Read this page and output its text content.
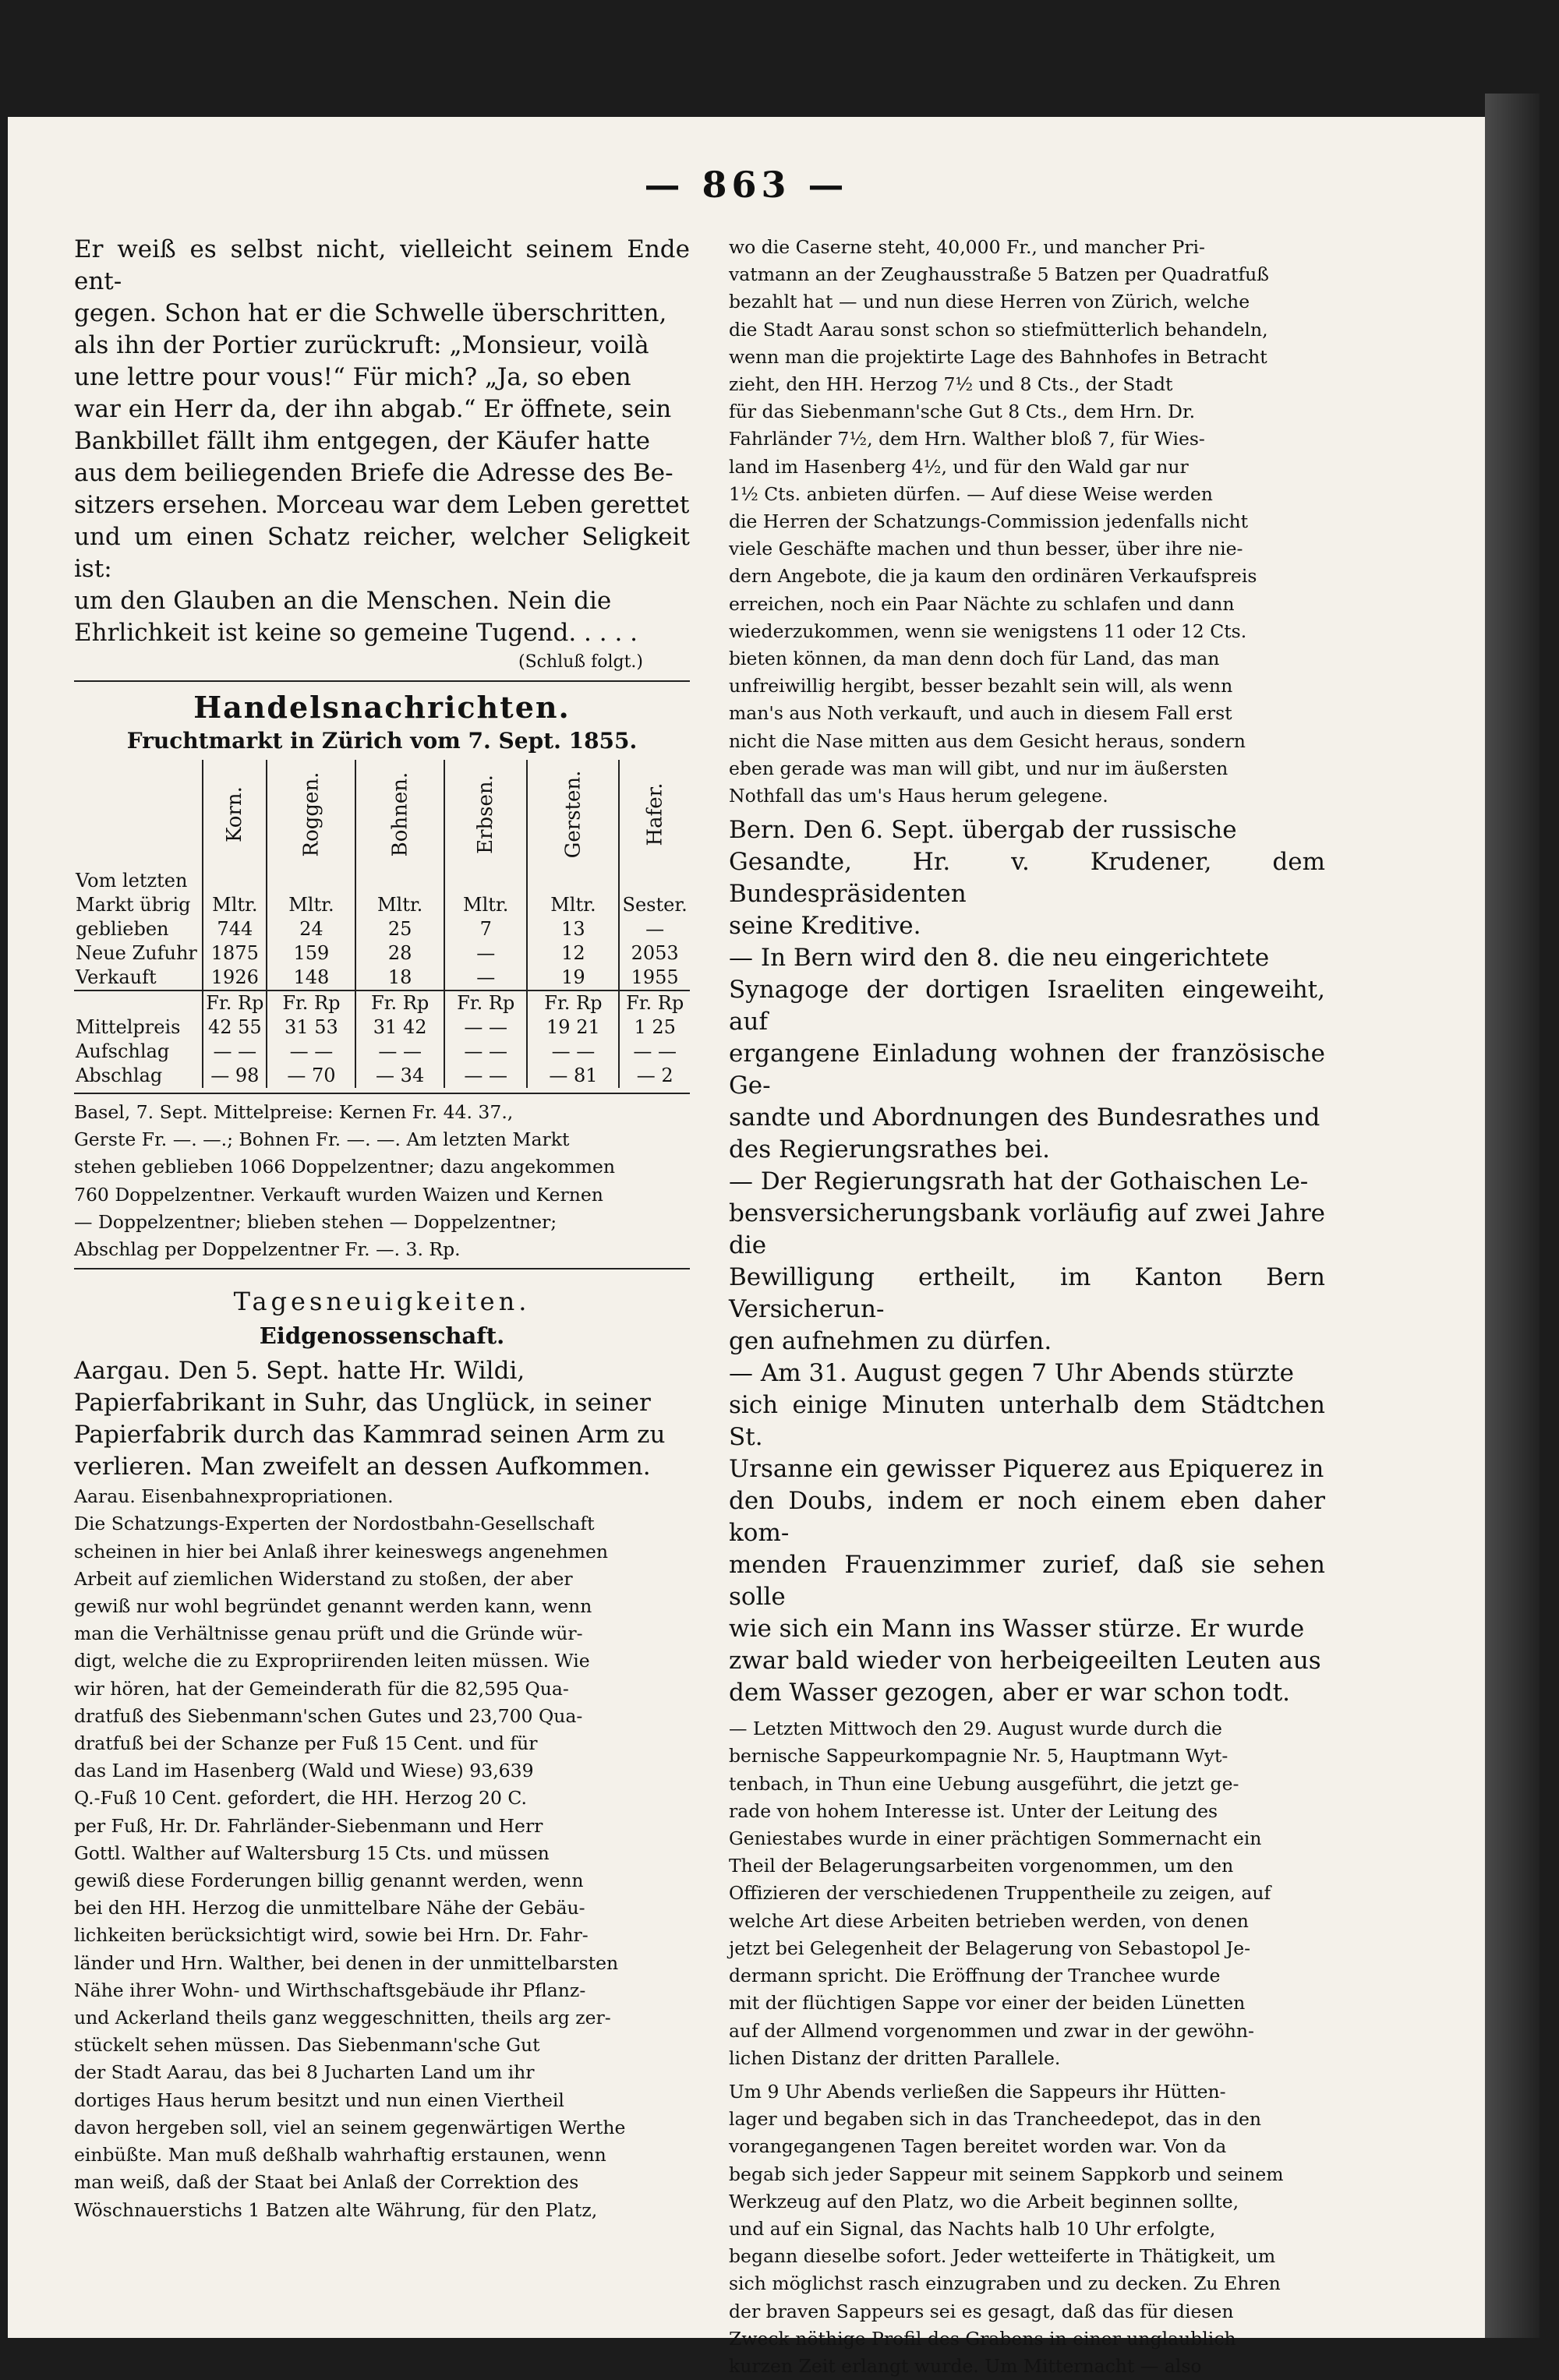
— 863 —

Er weiß es selbst nicht, vielleicht seinem Ende ent-

gegen. Schon hat er die Schwelle überschritten,

als ihn der Portier zurückruft: „Monsieur, voilà

une lettre pour vous!“ Für mich? „Ja, so eben

war ein Herr da, der ihn abgab.“ Er öffnete, sein

Bankbillet fällt ihm entgegen, der Käufer hatte

aus dem beiliegenden Briefe die Adresse des Be-

sitzers ersehen. Morceau war dem Leben gerettet

und um einen Schatz reicher, welcher Seligkeit ist:

um den Glauben an die Menschen. Nein die

Ehrlichkeit ist keine so gemeine Tugend. . . . .

(Schluß folgt.)

Handelsnachrichten.
Fruchtmarkt in Zürich vom 7. Sept. 1855.
	Korn.	Roggen.	Bohnen.	Erbsen.	Gersten.	Hafer.
Vom letzten						
Markt übrig	Mltr.	Mltr.	Mltr.	Mltr.	Mltr.	Sester.
geblieben	744	24	25	7	13	—
Neue Zufuhr	1875	159	28	—	12	2053
Verkauft	1926	148	18	—	19	1955
	Fr. Rp	Fr. Rp	Fr. Rp	Fr. Rp	Fr. Rp	Fr. Rp
Mittelpreis	42 55	31 53	31 42	— —	19 21	1 25
Aufschlag	— —	— —	— —	— —	— —	— —
Abschlag	— 98	— 70	— 34	— —	— 81	— 2

Basel, 7. Sept. Mittelpreise: Kernen Fr. 44. 37.,

Gerste Fr. —. —.; Bohnen Fr. —. —. Am letzten Markt

stehen geblieben 1066 Doppelzentner; dazu angekommen

760 Doppelzentner. Verkauft wurden Waizen und Kernen

— Doppelzentner; blieben stehen — Doppelzentner;

Abschlag per Doppelzentner Fr. —. 3. Rp.

Tagesneuigkeiten.
Eidgenossenschaft.

Aargau. Den 5. Sept. hatte Hr. Wildi,

Papierfabrikant in Suhr, das Unglück, in seiner

Papierfabrik durch das Kammrad seinen Arm zu

verlieren. Man zweifelt an dessen Aufkommen.

Aarau. Eisenbahnexpropriationen.

Die Schatzungs-Experten der Nordostbahn-Gesellschaft

scheinen in hier bei Anlaß ihrer keineswegs angenehmen

Arbeit auf ziemlichen Widerstand zu stoßen, der aber

gewiß nur wohl begründet genannt werden kann, wenn

man die Verhältnisse genau prüft und die Gründe wür-

digt, welche die zu Expropriirenden leiten müssen. Wie

wir hören, hat der Gemeinderath für die 82,595 Qua-

dratfuß des Siebenmann'schen Gutes und 23,700 Qua-

dratfuß bei der Schanze per Fuß 15 Cent. und für

das Land im Hasenberg (Wald und Wiese) 93,639

Q.-Fuß 10 Cent. gefordert, die HH. Herzog 20 C.

per Fuß, Hr. Dr. Fahrländer-Siebenmann und Herr

Gottl. Walther auf Waltersburg 15 Cts. und müssen

gewiß diese Forderungen billig genannt werden, wenn

bei den HH. Herzog die unmittelbare Nähe der Gebäu-

lichkeiten berücksichtigt wird, sowie bei Hrn. Dr. Fahr-

länder und Hrn. Walther, bei denen in der unmittelbarsten

Nähe ihrer Wohn- und Wirthschaftsgebäude ihr Pflanz-

und Ackerland theils ganz weggeschnitten, theils arg zer-

stückelt sehen müssen. Das Siebenmann'sche Gut

der Stadt Aarau, das bei 8 Jucharten Land um ihr

dortiges Haus herum besitzt und nun einen Viertheil

davon hergeben soll, viel an seinem gegenwärtigen Werthe

einbüßte. Man muß deßhalb wahrhaftig erstaunen, wenn

man weiß, daß der Staat bei Anlaß der Correktion des

Wöschnauerstichs 1 Batzen alte Währung, für den Platz,

wo die Caserne steht, 40,000 Fr., und mancher Pri-

vatmann an der Zeughausstraße 5 Batzen per Quadratfuß

bezahlt hat — und nun diese Herren von Zürich, welche

die Stadt Aarau sonst schon so stiefmütterlich behandeln,

wenn man die projektirte Lage des Bahnhofes in Betracht

zieht, den HH. Herzog 7½ und 8 Cts., der Stadt

für das Siebenmann'sche Gut 8 Cts., dem Hrn. Dr.

Fahrländer 7½, dem Hrn. Walther bloß 7, für Wies-

land im Hasenberg 4½, und für den Wald gar nur

1½ Cts. anbieten dürfen. — Auf diese Weise werden

die Herren der Schatzungs-Commission jedenfalls nicht

viele Geschäfte machen und thun besser, über ihre nie-

dern Angebote, die ja kaum den ordinären Verkaufspreis

erreichen, noch ein Paar Nächte zu schlafen und dann

wiederzukommen, wenn sie wenigstens 11 oder 12 Cts.

bieten können, da man denn doch für Land, das man

unfreiwillig hergibt, besser bezahlt sein will, als wenn

man's aus Noth verkauft, und auch in diesem Fall erst

nicht die Nase mitten aus dem Gesicht heraus, sondern

eben gerade was man will gibt, und nur im äußersten

Nothfall das um's Haus herum gelegene.

Bern. Den 6. Sept. übergab der russische

Gesandte, Hr. v. Krudener, dem Bundespräsidenten

seine Kreditive.

— In Bern wird den 8. die neu eingerichtete

Synagoge der dortigen Israeliten eingeweiht, auf

ergangene Einladung wohnen der französische Ge-

sandte und Abordnungen des Bundesrathes und

des Regierungsrathes bei.

— Der Regierungsrath hat der Gothaischen Le-

bensversicherungsbank vorläufig auf zwei Jahre die

Bewilligung ertheilt, im Kanton Bern Versicherun-

gen aufnehmen zu dürfen.

— Am 31. August gegen 7 Uhr Abends stürzte

sich einige Minuten unterhalb dem Städtchen St.

Ursanne ein gewisser Piquerez aus Epiquerez in

den Doubs, indem er noch einem eben daher kom-

menden Frauenzimmer zurief, daß sie sehen solle

wie sich ein Mann ins Wasser stürze. Er wurde

zwar bald wieder von herbeigeeilten Leuten aus

dem Wasser gezogen, aber er war schon todt.

— Letzten Mittwoch den 29. August wurde durch die

bernische Sappeurkompagnie Nr. 5, Hauptmann Wyt-

tenbach, in Thun eine Uebung ausgeführt, die jetzt ge-

rade von hohem Interesse ist. Unter der Leitung des

Geniestabes wurde in einer prächtigen Sommernacht ein

Theil der Belagerungsarbeiten vorgenommen, um den

Offizieren der verschiedenen Truppentheile zu zeigen, auf

welche Art diese Arbeiten betrieben werden, von denen

jetzt bei Gelegenheit der Belagerung von Sebastopol Je-

dermann spricht. Die Eröffnung der Tranchee wurde

mit der flüchtigen Sappe vor einer der beiden Lünetten

auf der Allmend vorgenommen und zwar in der gewöhn-

lichen Distanz der dritten Parallele.

Um 9 Uhr Abends verließen die Sappeurs ihr Hütten-

lager und begaben sich in das Trancheedepot, das in den

vorangegangenen Tagen bereitet worden war. Von da

begab sich jeder Sappeur mit seinem Sappkorb und seinem

Werkzeug auf den Platz, wo die Arbeit beginnen sollte,

und auf ein Signal, das Nachts halb 10 Uhr erfolgte,

begann dieselbe sofort. Jeder wetteiferte in Thätigkeit, um

sich möglichst rasch einzugraben und zu decken. Zu Ehren

der braven Sappeurs sei es gesagt, daß das für diesen

Zweck nöthige Profil des Grabens in einer unglaublich

kurzen Zeit erlangt wurde. Um Mitternacht — also
